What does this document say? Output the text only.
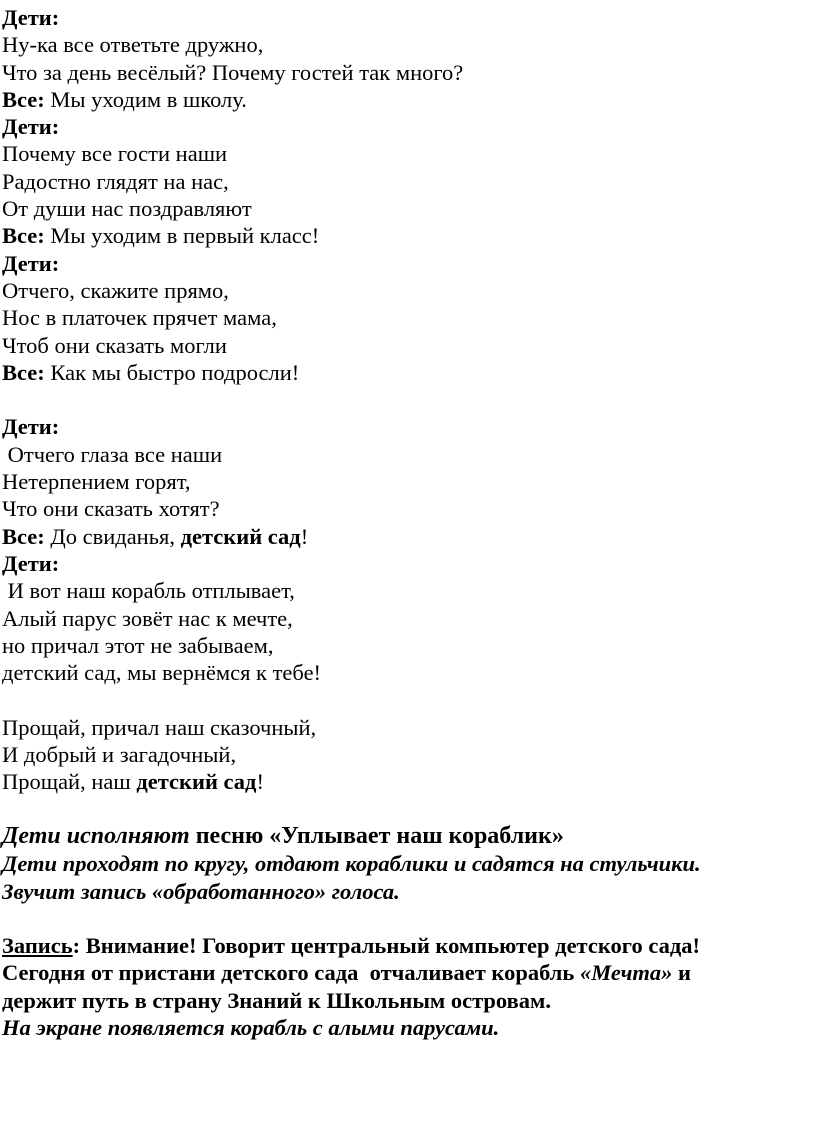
Дети:
Ну-ка все ответьте дружно,
Что за день весёлый? Почему гостей так много?
Все: Мы уходим в школу.
Дети:
Почему все гости наши
Радостно глядят на нас,
От души нас поздравляют
Все: Мы уходим в первый класс!
Дети:
Отчего, скажите прямо,
Нос в платочек прячет мама,
Чтоб они сказать могли
Все: Как мы быстро подросли!
Дети:
Отчего глаза все наши
Нетерпением горят,
Что они сказать хотят?
Все: До свиданья, детский сад!
Дети:
И вот наш корабль отплывает,
Алый парус зовёт нас к мечте,
но причал этот не забываем,
детский сад, мы вернёмся к тебе!
Прощай, причал наш сказочный,
И добрый и загадочный,
Прощай, наш детский сад!
Дети исполняют песню «Уплывает наш кораблик»
Дети проходят по кругу, отдают кораблики и садятся на стульчики.
Звучит запись «обработанного» голоса.
Запись: Внимание! Говорит центральный компьютер детского сада!
Сегодня от пристани детского сада  отчаливает корабль «Мечта» и
держит путь в страну Знаний к Школьным островам.
На экране появляется корабль с алыми парусами.
